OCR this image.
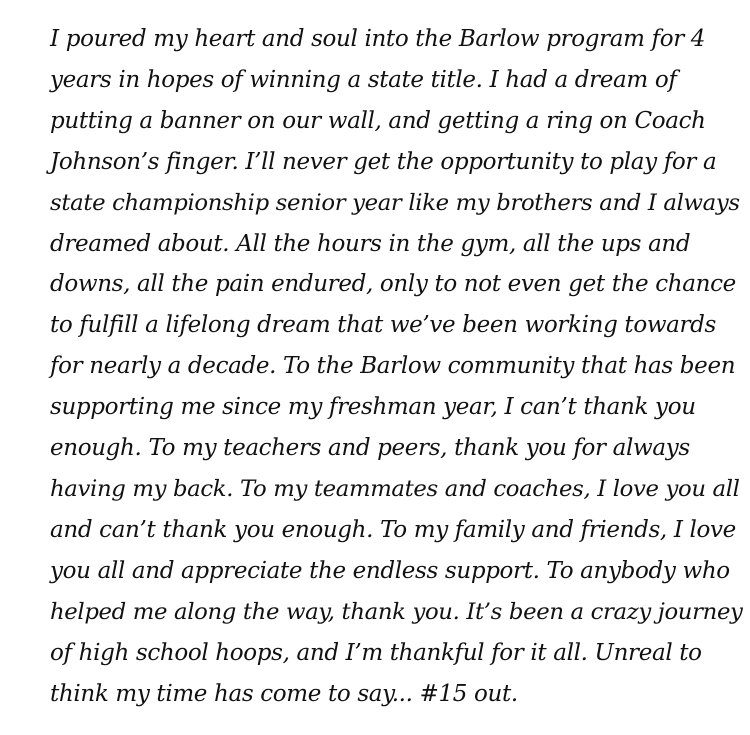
I poured my heart and soul into the Barlow program for 4
years in hopes of winning a state title. I had a dream of
putting a banner on our wall, and getting a ring on Coach
Johnson’s finger. I’ll never get the opportunity to play for a
state championship senior year like my brothers and I always
dreamed about. All the hours in the gym, all the ups and
downs, all the pain endured, only to not even get the chance
to fulfill a lifelong dream that we’ve been working towards
for nearly a decade. To the Barlow community that has been
supporting me since my freshman year, I can’t thank you
enough. To my teachers and peers, thank you for always
having my back. To my teammates and coaches, I love you all
and can’t thank you enough. To my family and friends, I love
you all and appreciate the endless support. To anybody who
helped me along the way, thank you. It’s been a crazy journey
of high school hoops, and I’m thankful for it all. Unreal to
think my time has come to say... #15 out.
